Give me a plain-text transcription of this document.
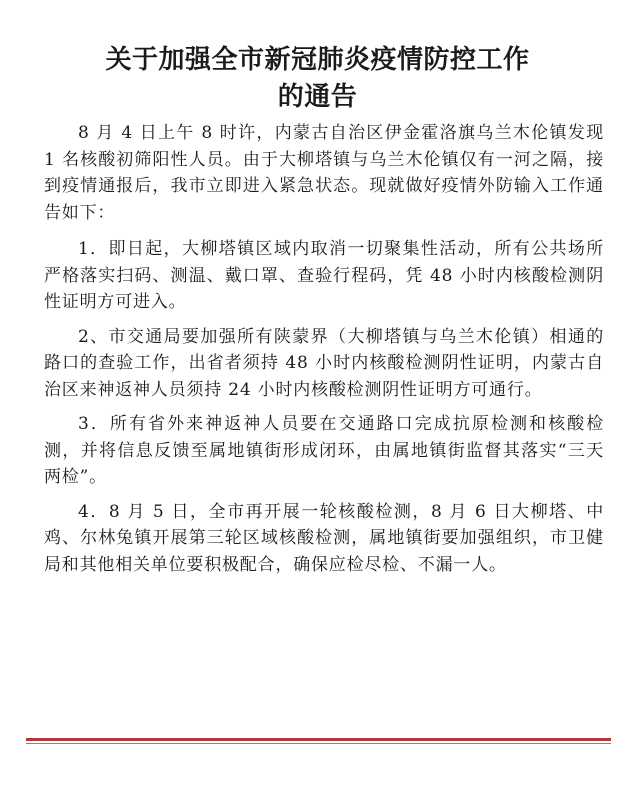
关于加强全市新冠肺炎疫情防控工作
的通告

8 月 4 日上午 8 时许，内蒙古自治区伊金霍洛旗乌兰木伦镇发现 1 名核酸初筛阳性人员。由于大柳塔镇与乌兰木伦镇仅有一河之隔，接到疫情通报后，我市立即进入紧急状态。现就做好疫情外防输入工作通告如下：

1．即日起，大柳塔镇区域内取消一切聚集性活动，所有公共场所严格落实扫码、测温、戴口罩、查验行程码，凭 48 小时内核酸检测阴性证明方可进入。

2、市交通局要加强所有陕蒙界（大柳塔镇与乌兰木伦镇）相通的路口的查验工作，出省者须持 48 小时内核酸检测阴性证明，内蒙古自治区来神返神人员须持 24 小时内核酸检测阴性证明方可通行。

3．所有省外来神返神人员要在交通路口完成抗原检测和核酸检测，并将信息反馈至属地镇街形成闭环，由属地镇街监督其落实“三天两检”。

4．8 月 5 日，全市再开展一轮核酸检测，8 月 6 日大柳塔、中鸡、尔林兔镇开展第三轮区域核酸检测，属地镇街要加强组织，市卫健局和其他相关单位要积极配合，确保应检尽检、不漏一人。
